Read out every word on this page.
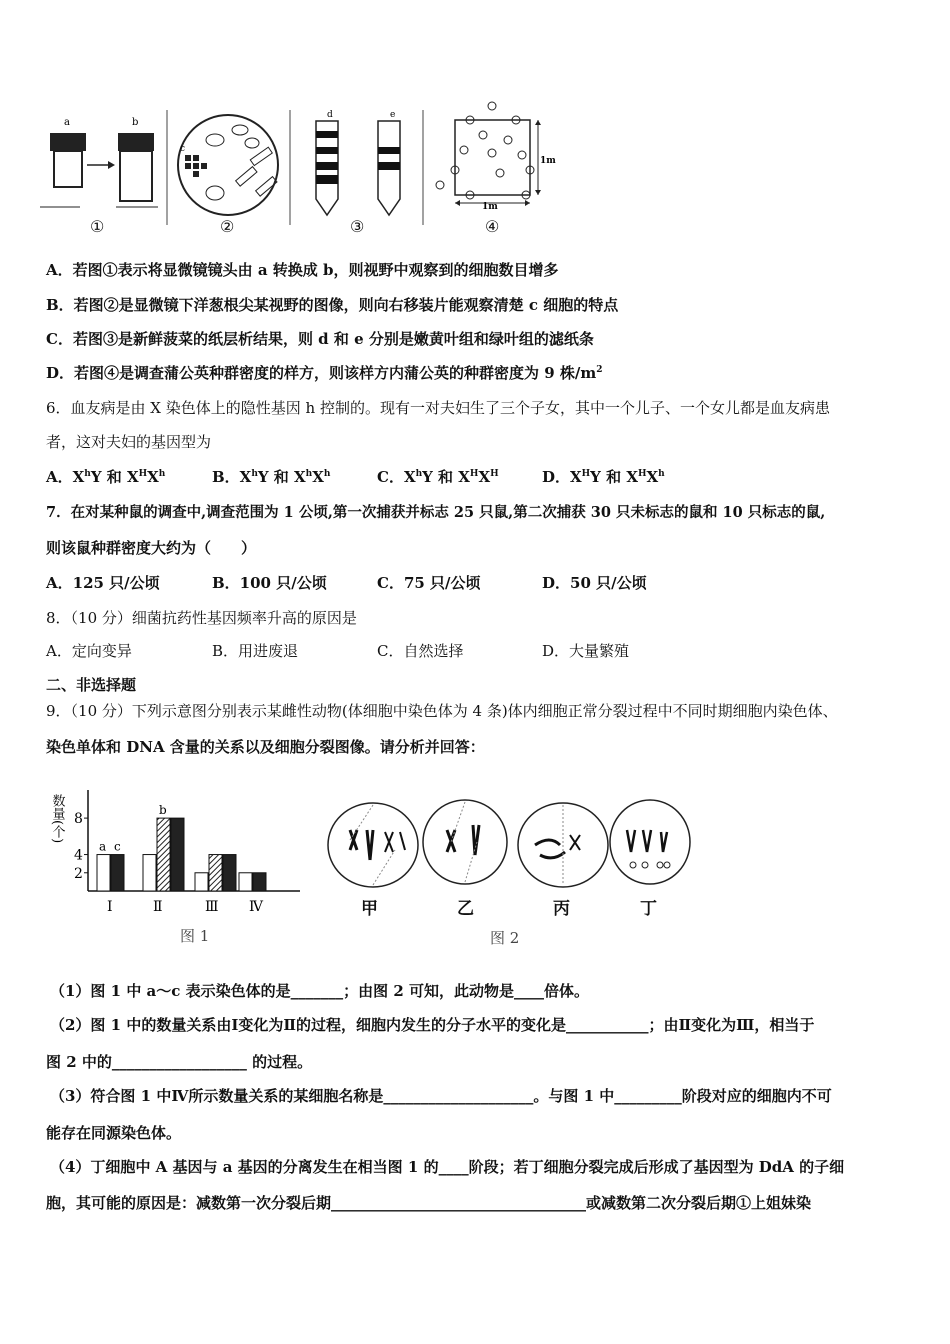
a	b
c
d	e
1m
1m
①	②	③	④
A．若图①表示将显微镜镜头由 a 转换成 b，则视野中观察到的细胞数目增多
B．若图②是显微镜下洋葱根尖某视野的图像，则向右移装片能观察清楚 c 细胞的特点
C．若图③是新鲜菠菜的纸层析结果，则 d 和 e 分别是嫩黄叶组和绿叶组的滤纸条
D．若图④是调查蒲公英种群密度的样方，则该样方内蒲公英的种群密度为 9 株$/m^2$
6．血友病是由 X 染色体上的隐性基因 h 控制的。现有一对夫妇生了三个子女，其中一个儿子、一个女儿都是血友病患
者，这对夫妇的基因型为
A．$X^hY$ 和 $X^HX^h$	B．$X^hY$ 和 $X^hX^h$	C．$X^hY$ 和 $X^HX^H$	D．$X^HY$ 和 $X^HX^h$
7．在对某种鼠的调查中,调查范围为 1 公顷,第一次捕获并标志 25 只鼠,第二次捕获 30 只未标志的鼠和 10 只标志的鼠,
则该鼠种群密度大约为（　　）
A．125 只/公顷	B．100 只/公顷	C．75 只/公顷	D．50 只/公顷
8．（10 分）细菌抗药性基因频率升高的原因是
A．定向变异	B．用进废退	C．自然选择	D．大量繁殖
二、非选择题
9．（10 分）下列示意图分别表示某雌性动物(体细胞中染色体为 4 条)体内细胞正常分裂过程中不同时期细胞内染色体、
染色单体和 DNA 含量的关系以及细胞分裂图像。请分析并回答：
数量(个)
Ⅰ	Ⅱ	Ⅲ Ⅳ
a c
b
2
4
8
图 1
甲	乙	丙	丁
图 2
（1）图 1 中 a～c 表示染色体的是_______；由图 2 可知，此动物是____倍体。
（2）图 1 中的数量关系由Ⅰ变化为Ⅱ的过程，细胞内发生的分子水平的变化是___________；由Ⅱ变化为Ⅲ，相当于
图 2 中的__________________ 的过程。
（3）符合图 1 中Ⅳ所示数量关系的某细胞名称是____________________。与图 1 中_________阶段对应的细胞内不可
能存在同源染色体。
（4）丁细胞中 A 基因与 a 基因的分离发生在相当图 1 的____阶段；若丁细胞分裂完成后形成了基因型为 DdA 的子细
胞，其可能的原因是：减数第一次分裂后期__________________________________或减数第二次分裂后期①上姐妹染
